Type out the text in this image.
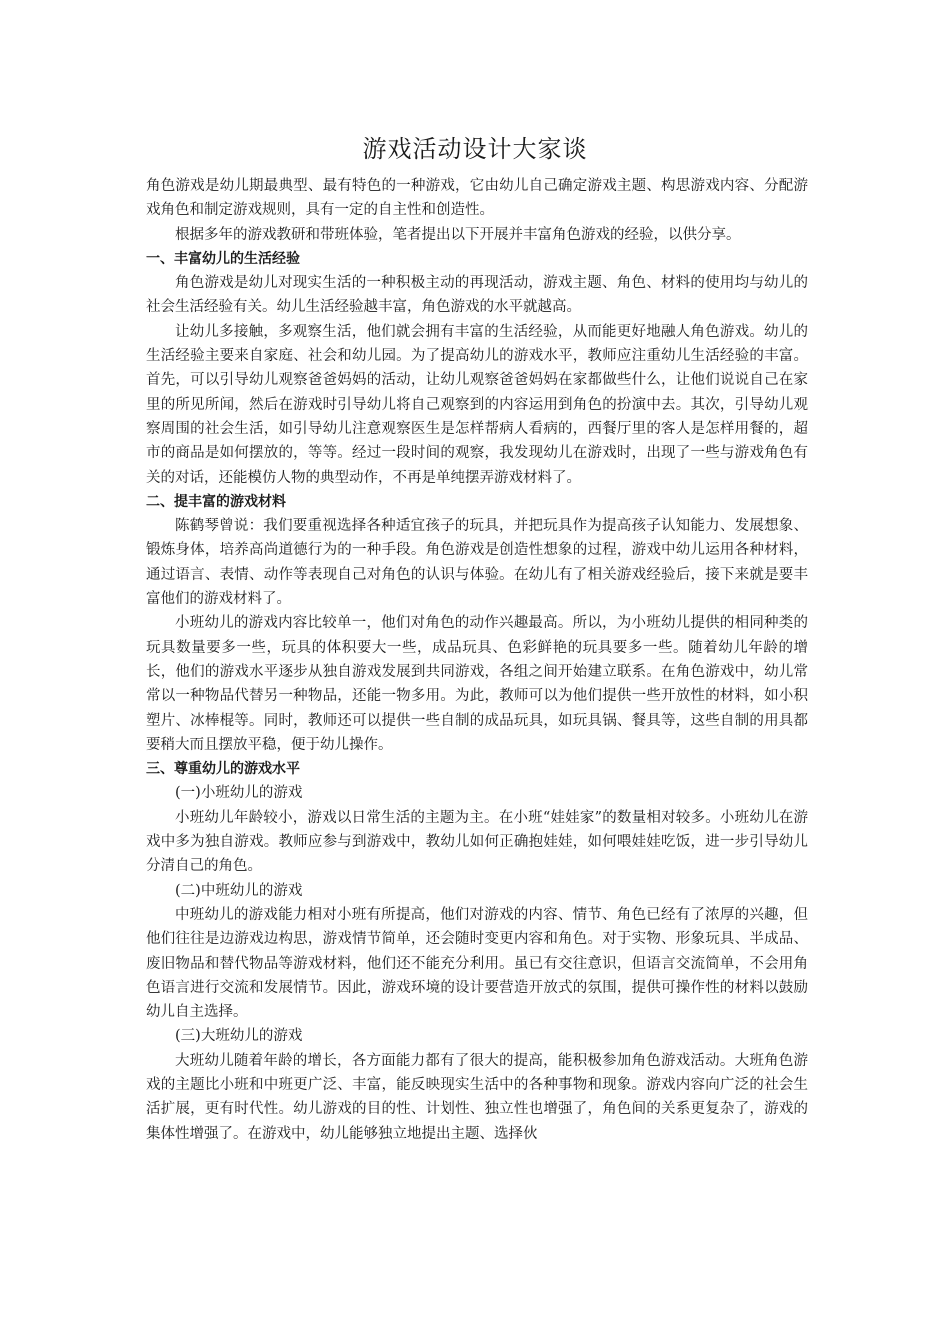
游戏活动设计大家谈

角色游戏是幼儿期最典型、最有特色的一种游戏，它由幼儿自己确定游戏主题、构思游戏内容、分配游戏角色和制定游戏规则，具有一定的自主性和创造性。

根据多年的游戏教研和带班体验，笔者提出以下开展并丰富角色游戏的经验，以供分享。

一、丰富幼儿的生活经验

角色游戏是幼儿对现实生活的一种积极主动的再现活动，游戏主题、角色、材料的使用均与幼儿的社会生活经验有关。幼儿生活经验越丰富，角色游戏的水平就越高。

让幼儿多接触，多观察生活，他们就会拥有丰富的生活经验，从而能更好地融人角色游戏。幼儿的生活经验主要来自家庭、社会和幼儿园。为了提高幼儿的游戏水平，教师应注重幼儿生活经验的丰富。首先，可以引导幼儿观察爸爸妈妈的活动，让幼儿观察爸爸妈妈在家都做些什么，让他们说说自己在家里的所见所闻，然后在游戏时引导幼儿将自己观察到的内容运用到角色的扮演中去。其次，引导幼儿观察周围的社会生活，如引导幼儿注意观察医生是怎样帮病人看病的，西餐厅里的客人是怎样用餐的，超市的商品是如何摆放的，等等。经过一段时间的观察，我发现幼儿在游戏时，出现了一些与游戏角色有关的对话，还能模仿人物的典型动作，不再是单纯摆弄游戏材料了。

二、提丰富的游戏材料

陈鹤琴曾说：我们要重视选择各种适宜孩子的玩具，并把玩具作为提高孩子认知能力、发展想象、锻炼身体，培养高尚道德行为的一种手段。角色游戏是创造性想象的过程，游戏中幼儿运用各种材料，通过语言、表情、动作等表现自己对角色的认识与体验。在幼儿有了相关游戏经验后，接下来就是要丰富他们的游戏材料了。

小班幼儿的游戏内容比较单一，他们对角色的动作兴趣最高。所以，为小班幼儿提供的相同种类的玩具数量要多一些，玩具的体积要大一些，成品玩具、色彩鲜艳的玩具要多一些。随着幼儿年龄的增长，他们的游戏水平逐步从独自游戏发展到共同游戏，各组之间开始建立联系。在角色游戏中，幼儿常常以一种物品代替另一种物品，还能一物多用。为此，教师可以为他们提供一些开放性的材料，如小积塑片、冰棒棍等。同时，教师还可以提供一些自制的成品玩具，如玩具锅、餐具等，这些自制的用具都要稍大而且摆放平稳，便于幼儿操作。

三、尊重幼儿的游戏水平

(一)小班幼儿的游戏

小班幼儿年龄较小，游戏以日常生活的主题为主。在小班“娃娃家”的数量相对较多。小班幼儿在游戏中多为独自游戏。教师应参与到游戏中，教幼儿如何正确抱娃娃，如何喂娃娃吃饭，进一步引导幼儿分清自己的角色。

(二)中班幼儿的游戏

中班幼儿的游戏能力相对小班有所提高，他们对游戏的内容、情节、角色已经有了浓厚的兴趣，但他们往往是边游戏边构思，游戏情节简单，还会随时变更内容和角色。对于实物、形象玩具、半成品、废旧物品和替代物品等游戏材料，他们还不能充分利用。虽已有交往意识，但语言交流简单，不会用角色语言进行交流和发展情节。因此，游戏环境的设计要营造开放式的氛围，提供可操作性的材料以鼓励幼儿自主选择。

(三)大班幼儿的游戏

大班幼儿随着年龄的增长，各方面能力都有了很大的提高，能积极参加角色游戏活动。大班角色游戏的主题比小班和中班更广泛、丰富，能反映现实生活中的各种事物和现象。游戏内容向广泛的社会生活扩展，更有时代性。幼儿游戏的目的性、计划性、独立性也增强了，角色间的关系更复杂了，游戏的集体性增强了。在游戏中，幼儿能够独立地提出主题、选择伙
